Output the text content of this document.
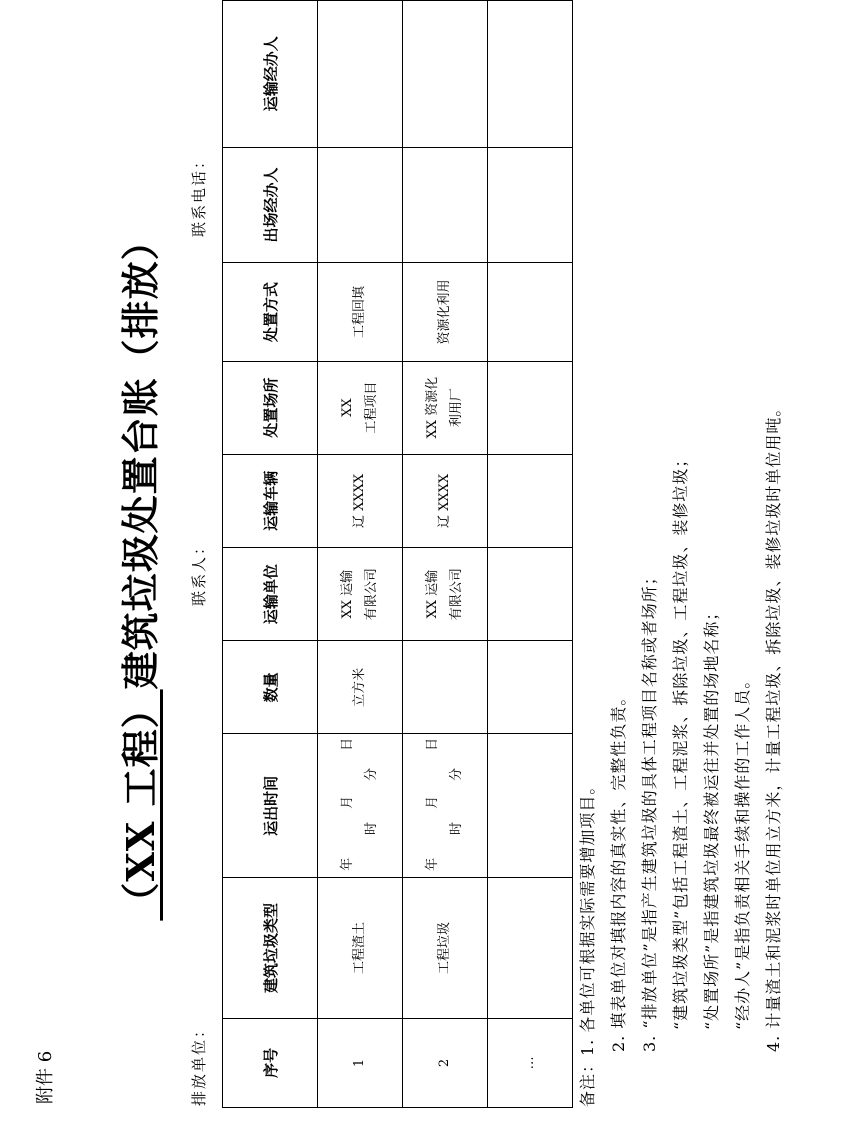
附件 6
（XX 工程）建筑垃圾处置台账（排放）
排放单位：
联系人：
联系电话：
序号	建筑垃圾类型	运出时间	数量	运输单位	运输车辆	处置场所	处置方式	出场经办人	运输经办人
1	工程渣土	年
月
日
时
分	立方米	XX 运输 有限公司	辽 XXXX	XX 工程项目	工程回填		
2	工程垃圾	年
月
日
时
分		XX 运输 有限公司	辽 XXXX	XX 资源化 利用厂	资源化利用		
…										备注：1. 各单位可根据实际需要增加项目。 2. 填表单位对填报内容的真实性、完整性负责。 3. “排放单位”是指产生建筑垃圾的具体工程项目名称或者场所； “建筑垃圾类型”包括工程渣土、工程泥浆、拆除垃圾、工程垃圾、装修垃圾； “处置场所”是指建筑垃圾最终被运往并处置的场地名称； “经办人”是指负责相关手续和操作的工作人员。 4. 计量渣土和泥浆时单位用立方米，计量工程垃圾、拆除垃圾、装修垃圾时单位用吨。
